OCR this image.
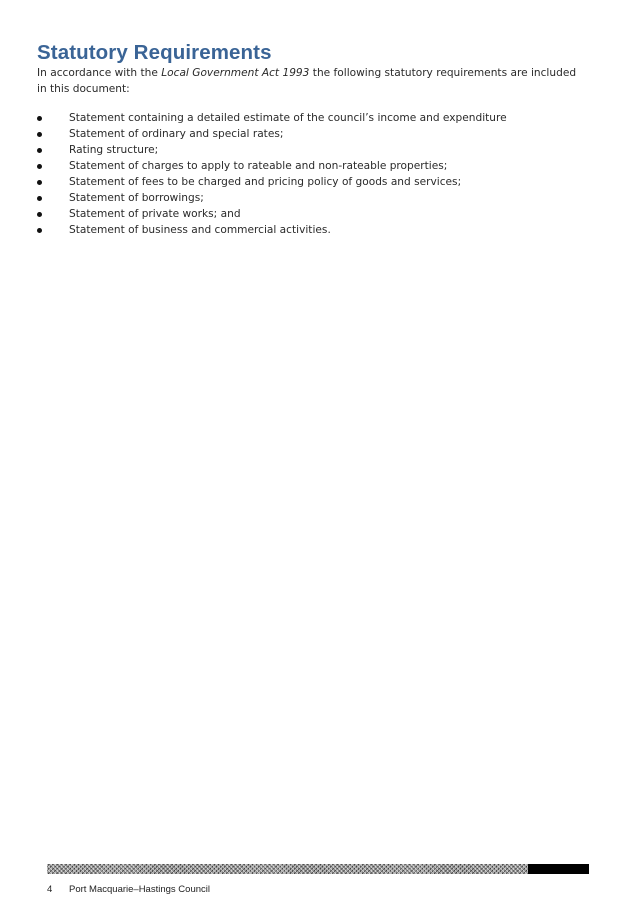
Statutory Requirements

In accordance with the Local Government Act 1993 the following statutory requirements are included in this document:

Statement containing a detailed estimate of the council’s income and expenditure
Statement of ordinary and special rates;
Rating structure;
Statement of charges to apply to rateable and non-rateable properties;
Statement of fees to be charged and pricing policy of goods and services;
Statement of borrowings;
Statement of private works; and
Statement of business and commercial activities.
4 Port Macquarie–Hastings Council
